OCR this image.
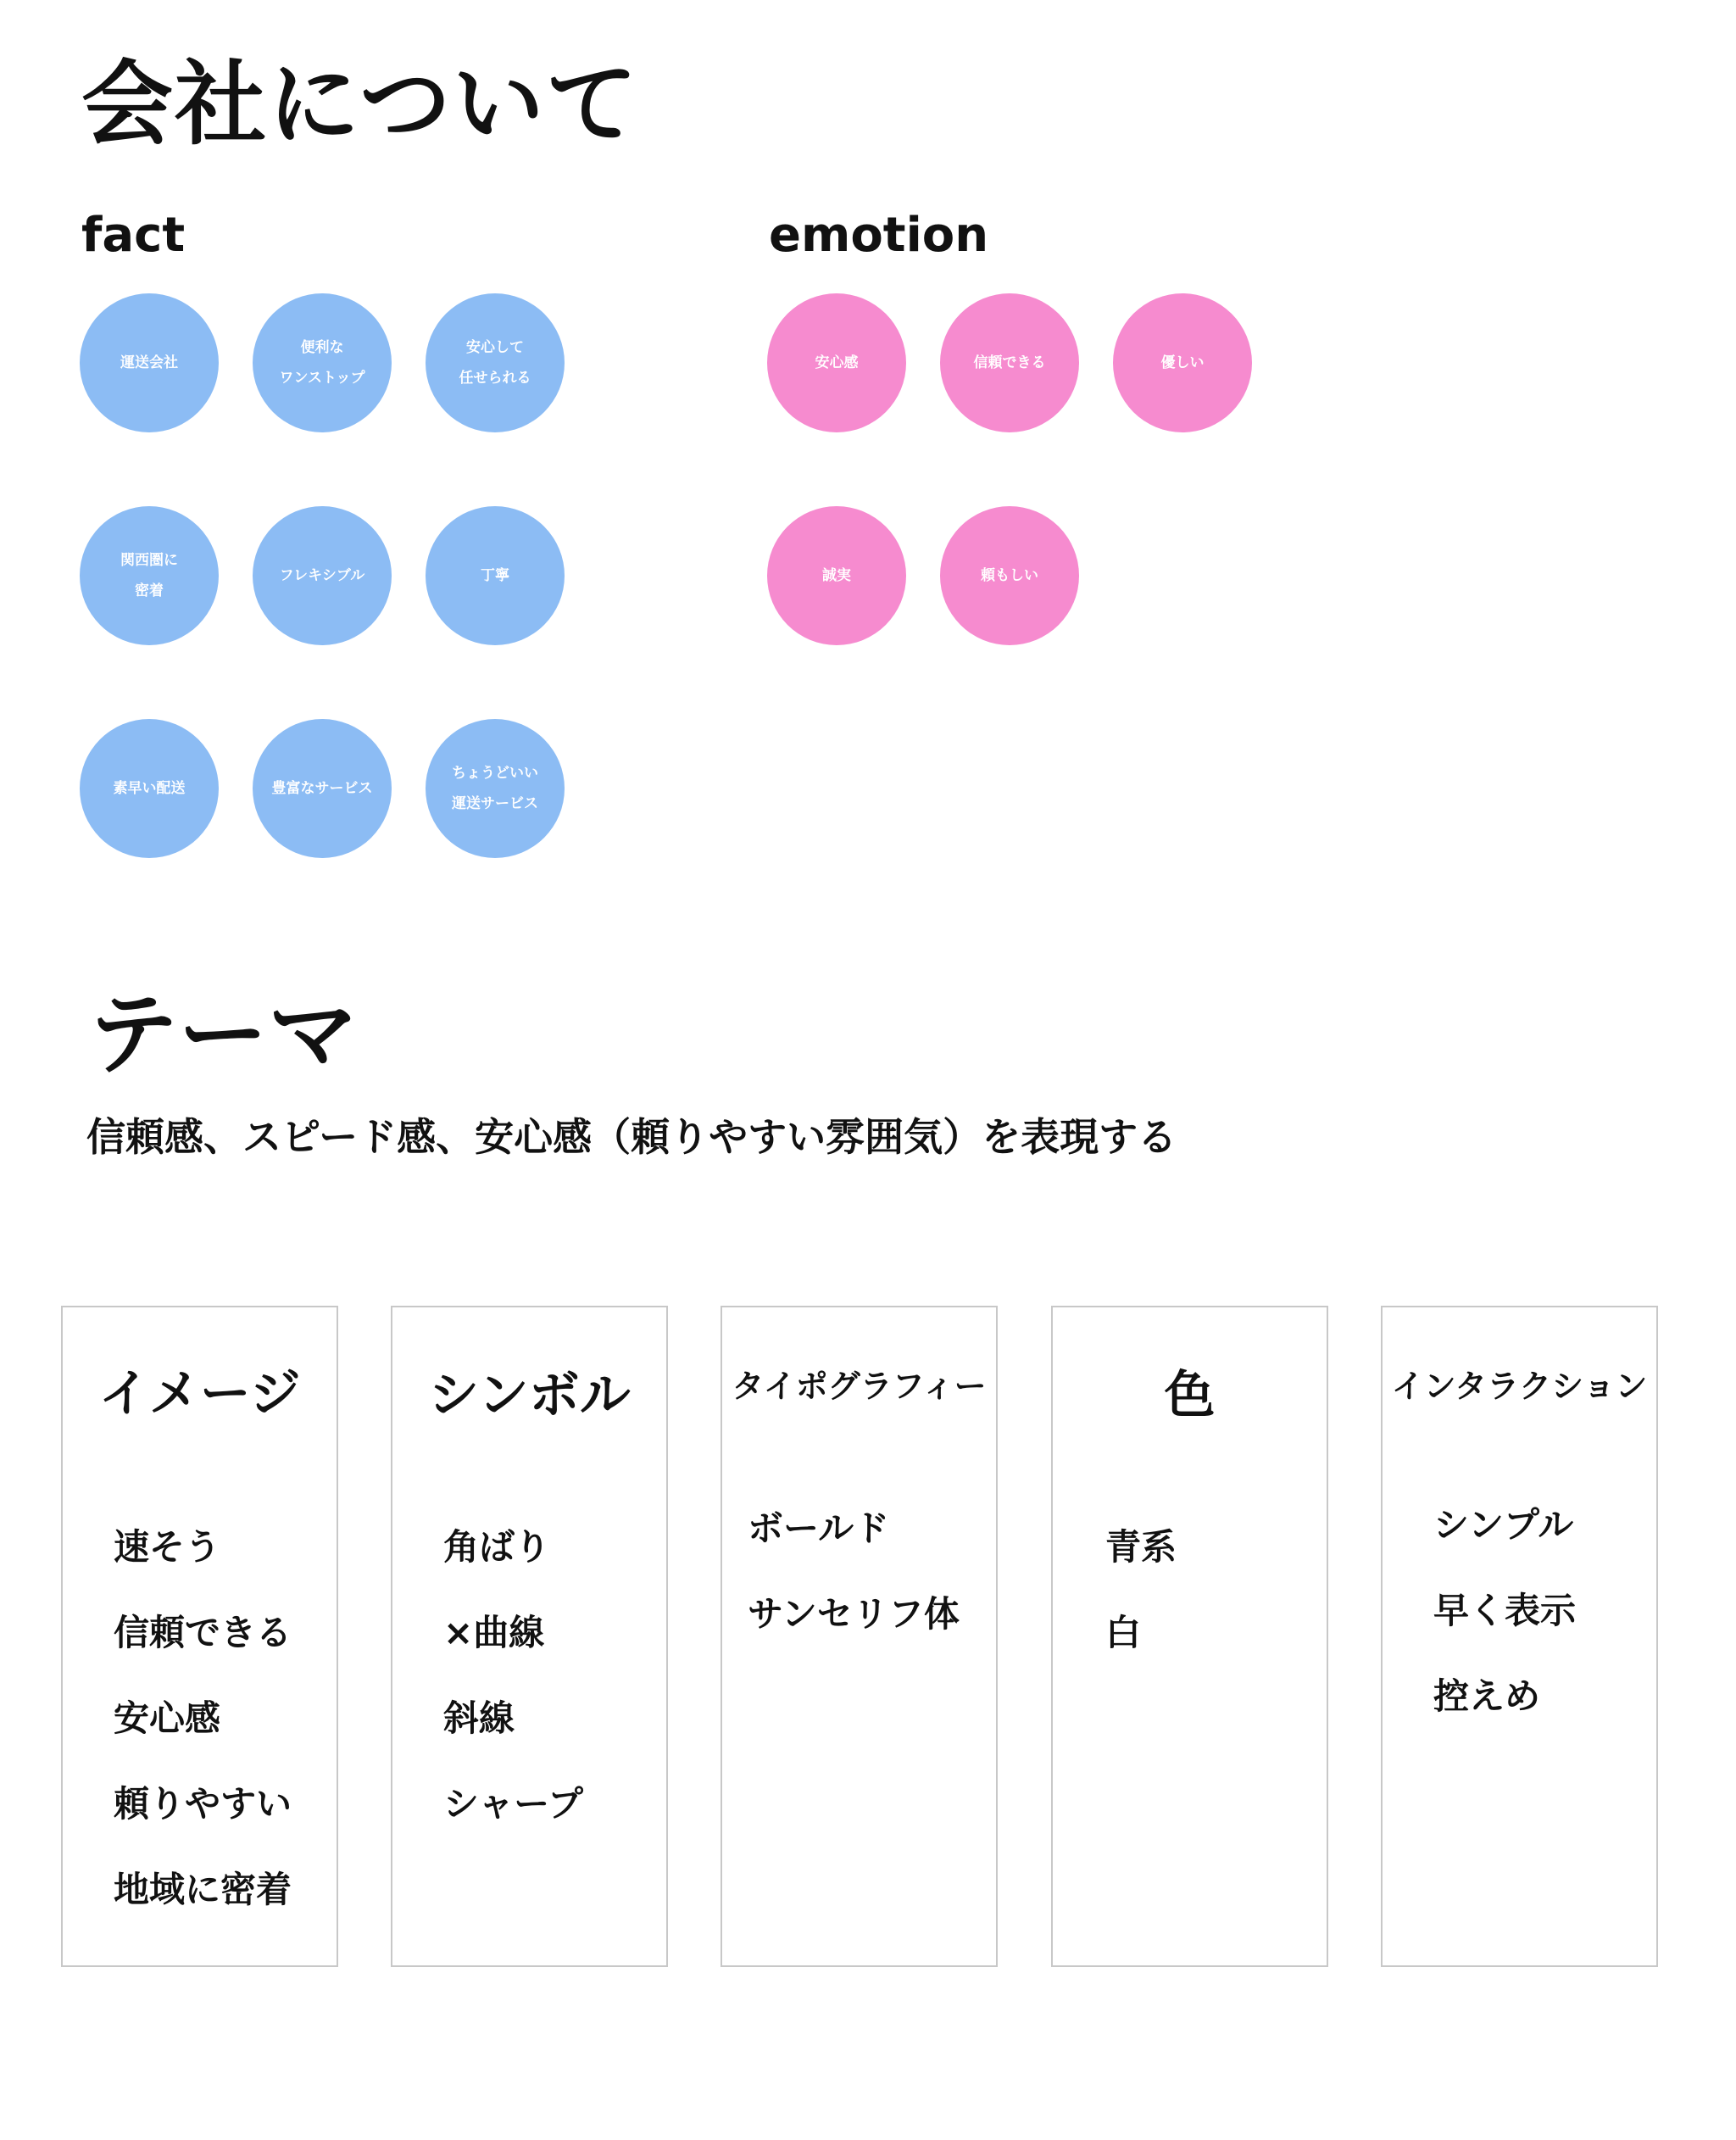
会社について
fact	emotion
運送会社
便利な
ワンストップ
安心して
任せられる
関西圏に
密着
フレキシブル	丁寧
素早い配送	豊富なサービス
ちょうどいい
運送サービス
安心感	信頼できる	優しい
誠実	頼もしい
テーマ
信頼感、スピード感、安心感（頼りやすい雰囲気）を表現する
イメージ
速そう
信頼できる
安心感
頼りやすい
地域に密着
シンボル
角ばり
×曲線
斜線
シャープ
タイポグラフィー
ボールド
サンセリフ体
色
青系
白
インタラクション
シンプル
早く表示
控えめ
